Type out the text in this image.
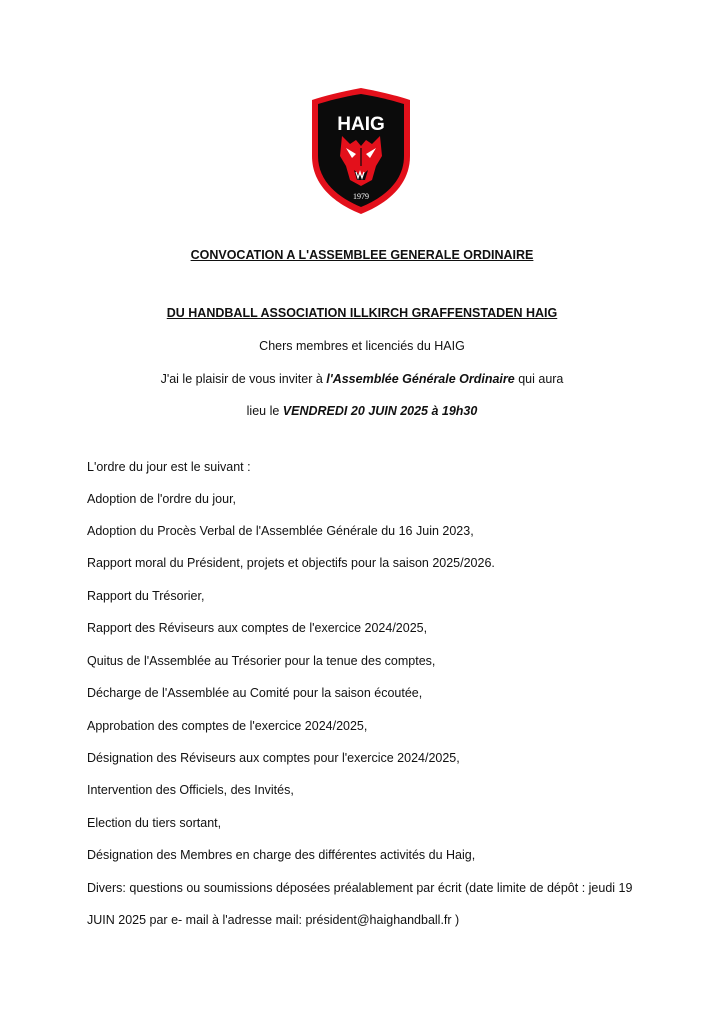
HAIG
1979
CONVOCATION A L'ASSEMBLEE GENERALE ORDINAIRE
DU HANDBALL ASSOCIATION ILLKIRCH GRAFFENSTADEN HAIG
Chers membres et licenciés du HAIG
J'ai le plaisir de vous inviter à l'Assemblée Générale Ordinaire qui aura
lieu le VENDREDI 20 JUIN 2025 à 19h30
L'ordre du jour est le suivant :
Adoption de l'ordre du jour,
Adoption du Procès Verbal de l'Assemblée Générale du 16 Juin 2023,
Rapport moral du Président, projets et objectifs pour la saison 2025/2026.
Rapport du Trésorier,
Rapport des Réviseurs aux comptes de l'exercice 2024/2025,
Quitus de l'Assemblée au Trésorier pour la tenue des comptes,
Décharge de l'Assemblée au Comité pour la saison écoutée,
Approbation des comptes de l'exercice 2024/2025,
Désignation des Réviseurs aux comptes pour l'exercice 2024/2025,
Intervention des Officiels, des Invités,
Election du tiers sortant,
Désignation des Membres en charge des différentes activités du Haig,
Divers: questions ou soumissions déposées préalablement par écrit (date limite de dépôt : jeudi 19
JUIN 2025 par e- mail à l'adresse mail: président@haighandball.fr )
